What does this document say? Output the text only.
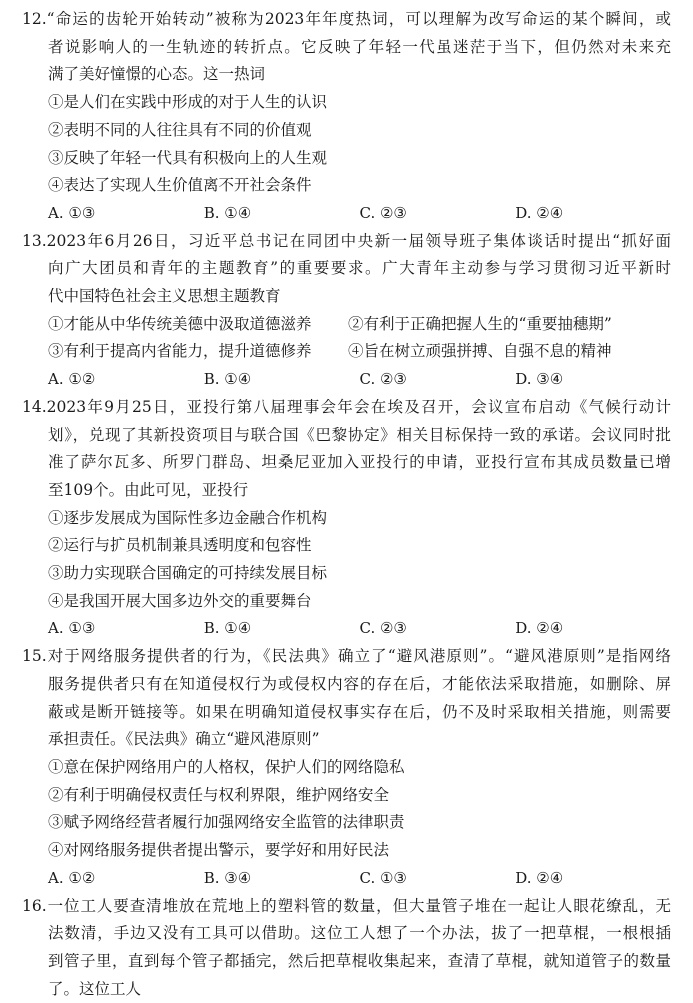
12.“命运的齿轮开始转动”被称为2023年年度热词，可以理解为改写命运的某个瞬间，或
者说影响人的一生轨迹的转折点。它反映了年轻一代虽迷茫于当下，但仍然对未来充
满了美好憧憬的心态。这一热词
①是人们在实践中形成的对于人生的认识
②表明不同的人往往具有不同的价值观
③反映了年轻一代具有积极向上的人生观
④表达了实现人生价值离不开社会条件
A. ①③	B. ①④	C. ②③	D. ②④
13.2023年6月26日，习近平总书记在同团中央新一届领导班子集体谈话时提出“抓好面
向广大团员和青年的主题教育”的重要要求。广大青年主动参与学习贯彻习近平新时
代中国特色社会主义思想主题教育
①才能从中华传统美德中汲取道德滋养	②有利于正确把握人生的“重要抽穗期”
③有利于提高内省能力，提升道德修养	④旨在树立顽强拼搏、自强不息的精神
A. ①②	B. ①④	C. ②③	D. ③④
14.2023年9月25日，亚投行第八届理事会年会在埃及召开，会议宣布启动《气候行动计
划》，兑现了其新投资项目与联合国《巴黎协定》相关目标保持一致的承诺。会议同时批
准了萨尔瓦多、所罗门群岛、坦桑尼亚加入亚投行的申请，亚投行宣布其成员数量已增
至109个。由此可见，亚投行
①逐步发展成为国际性多边金融合作机构
②运行与扩员机制兼具透明度和包容性
③助力实现联合国确定的可持续发展目标
④是我国开展大国多边外交的重要舞台
A. ①③	B. ①④	C. ②③	D. ②④
15.对于网络服务提供者的行为，《民法典》确立了“避风港原则”。“避风港原则”是指网络
服务提供者只有在知道侵权行为或侵权内容的存在后，才能依法采取措施，如删除、屏
蔽或是断开链接等。如果在明确知道侵权事实存在后，仍不及时采取相关措施，则需要
承担责任。《民法典》确立“避风港原则”
①意在保护网络用户的人格权，保护人们的网络隐私
②有利于明确侵权责任与权利界限，维护网络安全
③赋予网络经营者履行加强网络安全监管的法律职责
④对网络服务提供者提出警示，要学好和用好民法
A. ①②	B. ③④	C. ①③	D. ②④
16.一位工人要查清堆放在荒地上的塑料管的数量，但大量管子堆在一起让人眼花缭乱，无
法数清，手边又没有工具可以借助。这位工人想了一个办法，拔了一把草棍，一根根插
到管子里，直到每个管子都插完，然后把草棍收集起来，查清了草棍，就知道管子的数量
了。这位工人
